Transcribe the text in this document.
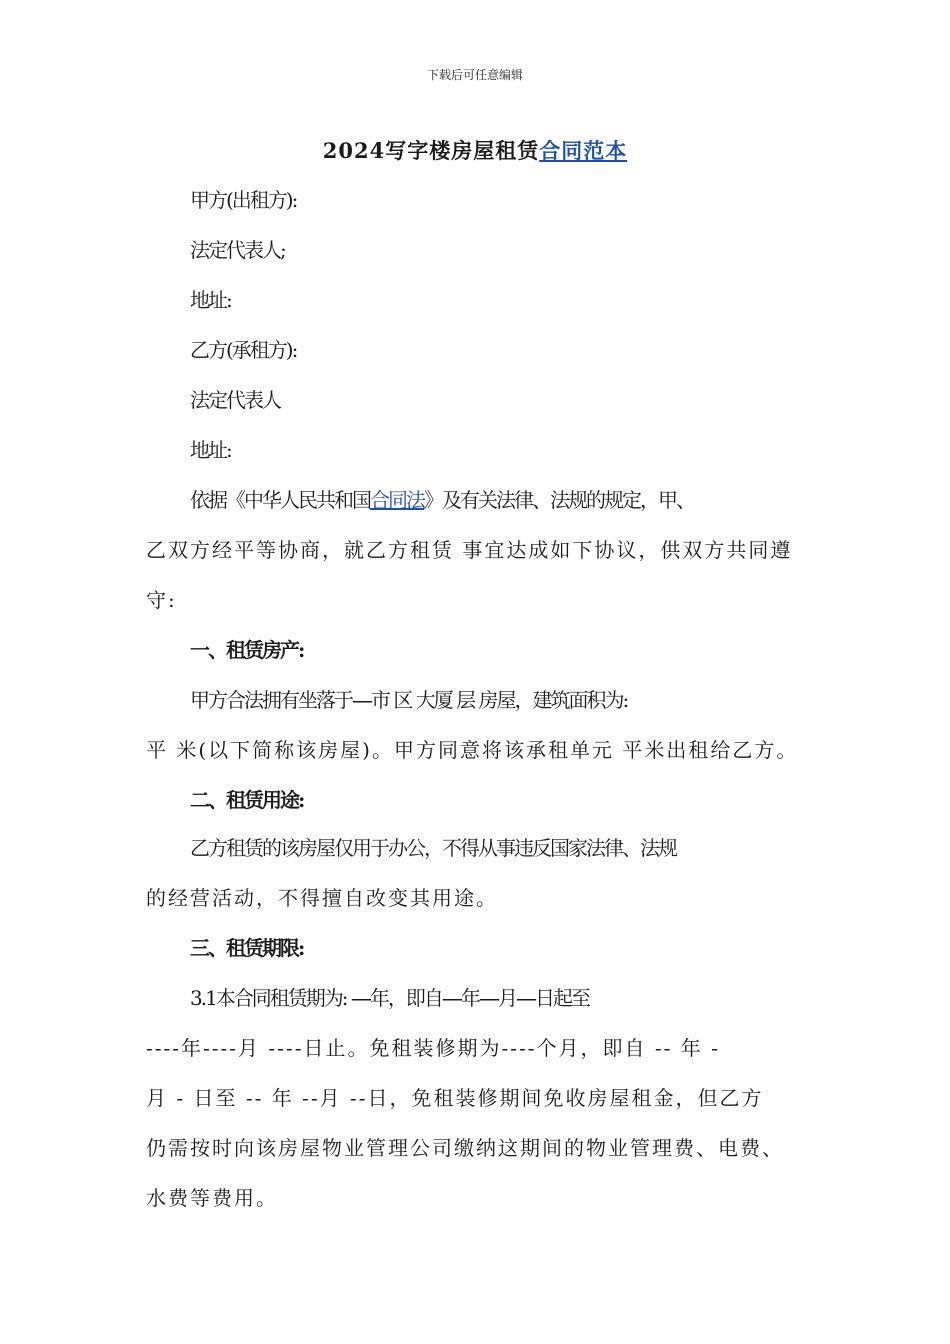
下载后可任意编辑
2024写字楼房屋租赁合同范本
甲方(出租方):
法定代表人;
地址:
乙方(承租方):
法定代表人
地址:
依据《中华人民共和国合同法》及有关法律、法规的规定，甲、
乙双方经平等协商，就乙方租赁 事宜达成如下协议，供双方共同遵
守:
一、租赁房产:
甲方合法拥有坐落于----市 区 大厦 层 房屋，建筑面积为:
平 米(以下简称该房屋)。甲方同意将该承租单元 平米出租给乙方。
二、租赁用途:
乙方租赁的该房屋仅用于办公，不得从事违反国家法律、法规
的经营活动，不得擅自改变其用途。
三、租赁期限:
3.1本合同租赁期为: ----年，即自----年----月----日起至
----年----月 ----日止。免租装修期为----个月，即自 -- 年 -
月 - 日至 -- 年 --月 --日，免租装修期间免收房屋租金，但乙方
仍需按时向该房屋物业管理公司缴纳这期间的物业管理费、电费、
水费等费用。
